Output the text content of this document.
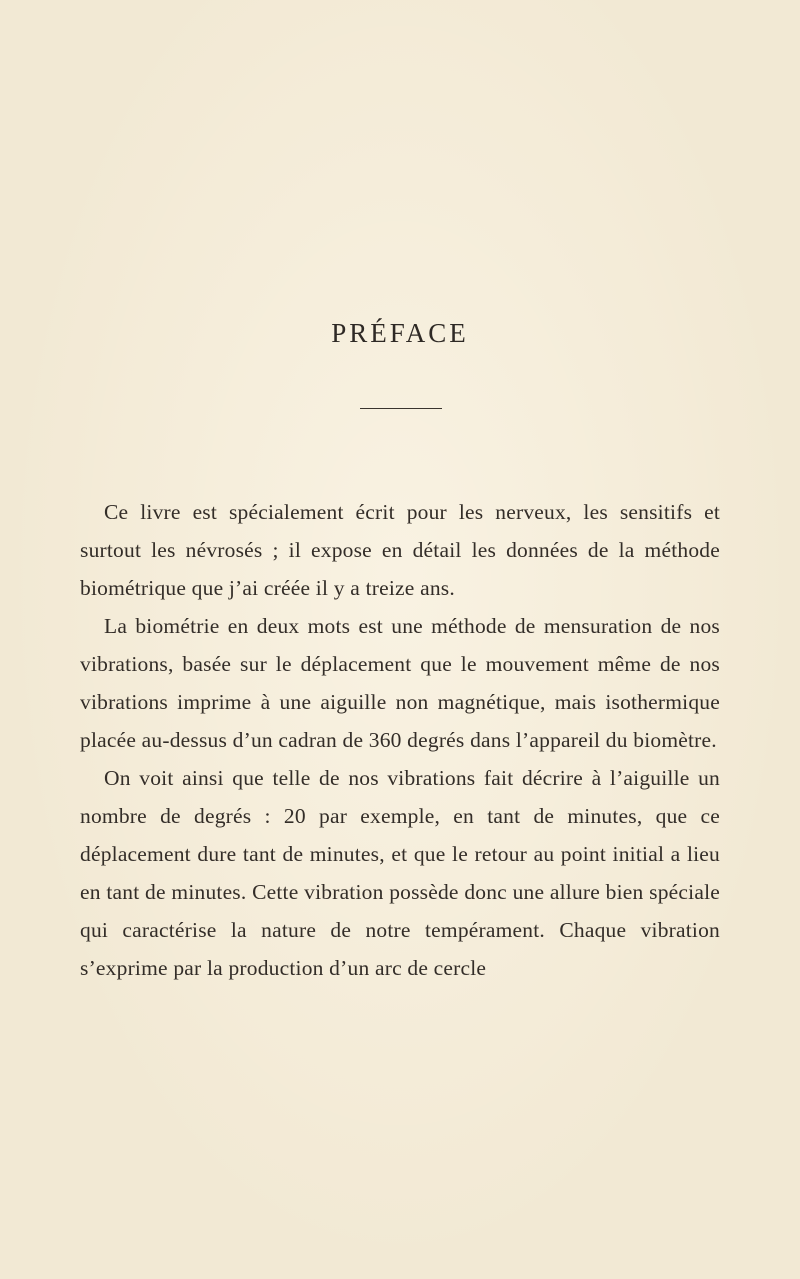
PRÉFACE

Ce livre est spécialement écrit pour les nerveux, les sensitifs et surtout les névrosés ; il expose en détail les données de la méthode biométrique que j’ai créée il y a treize ans.

La biométrie en deux mots est une méthode de mensuration de nos vibrations, basée sur le déplacement que le mouvement même de nos vibrations imprime à une aiguille non magnétique, mais isothermique placée au-dessus d’un cadran de 360 degrés dans l’appareil du biomètre.

On voit ainsi que telle de nos vibrations fait décrire à l’aiguille un nombre de degrés : 20 par exemple, en tant de minutes, que ce déplacement dure tant de minutes, et que le retour au point initial a lieu en tant de minutes. Cette vibration possède donc une allure bien spéciale qui caractérise la nature de notre tempérament. Chaque vibration s’exprime par la production d’un arc de cercle
